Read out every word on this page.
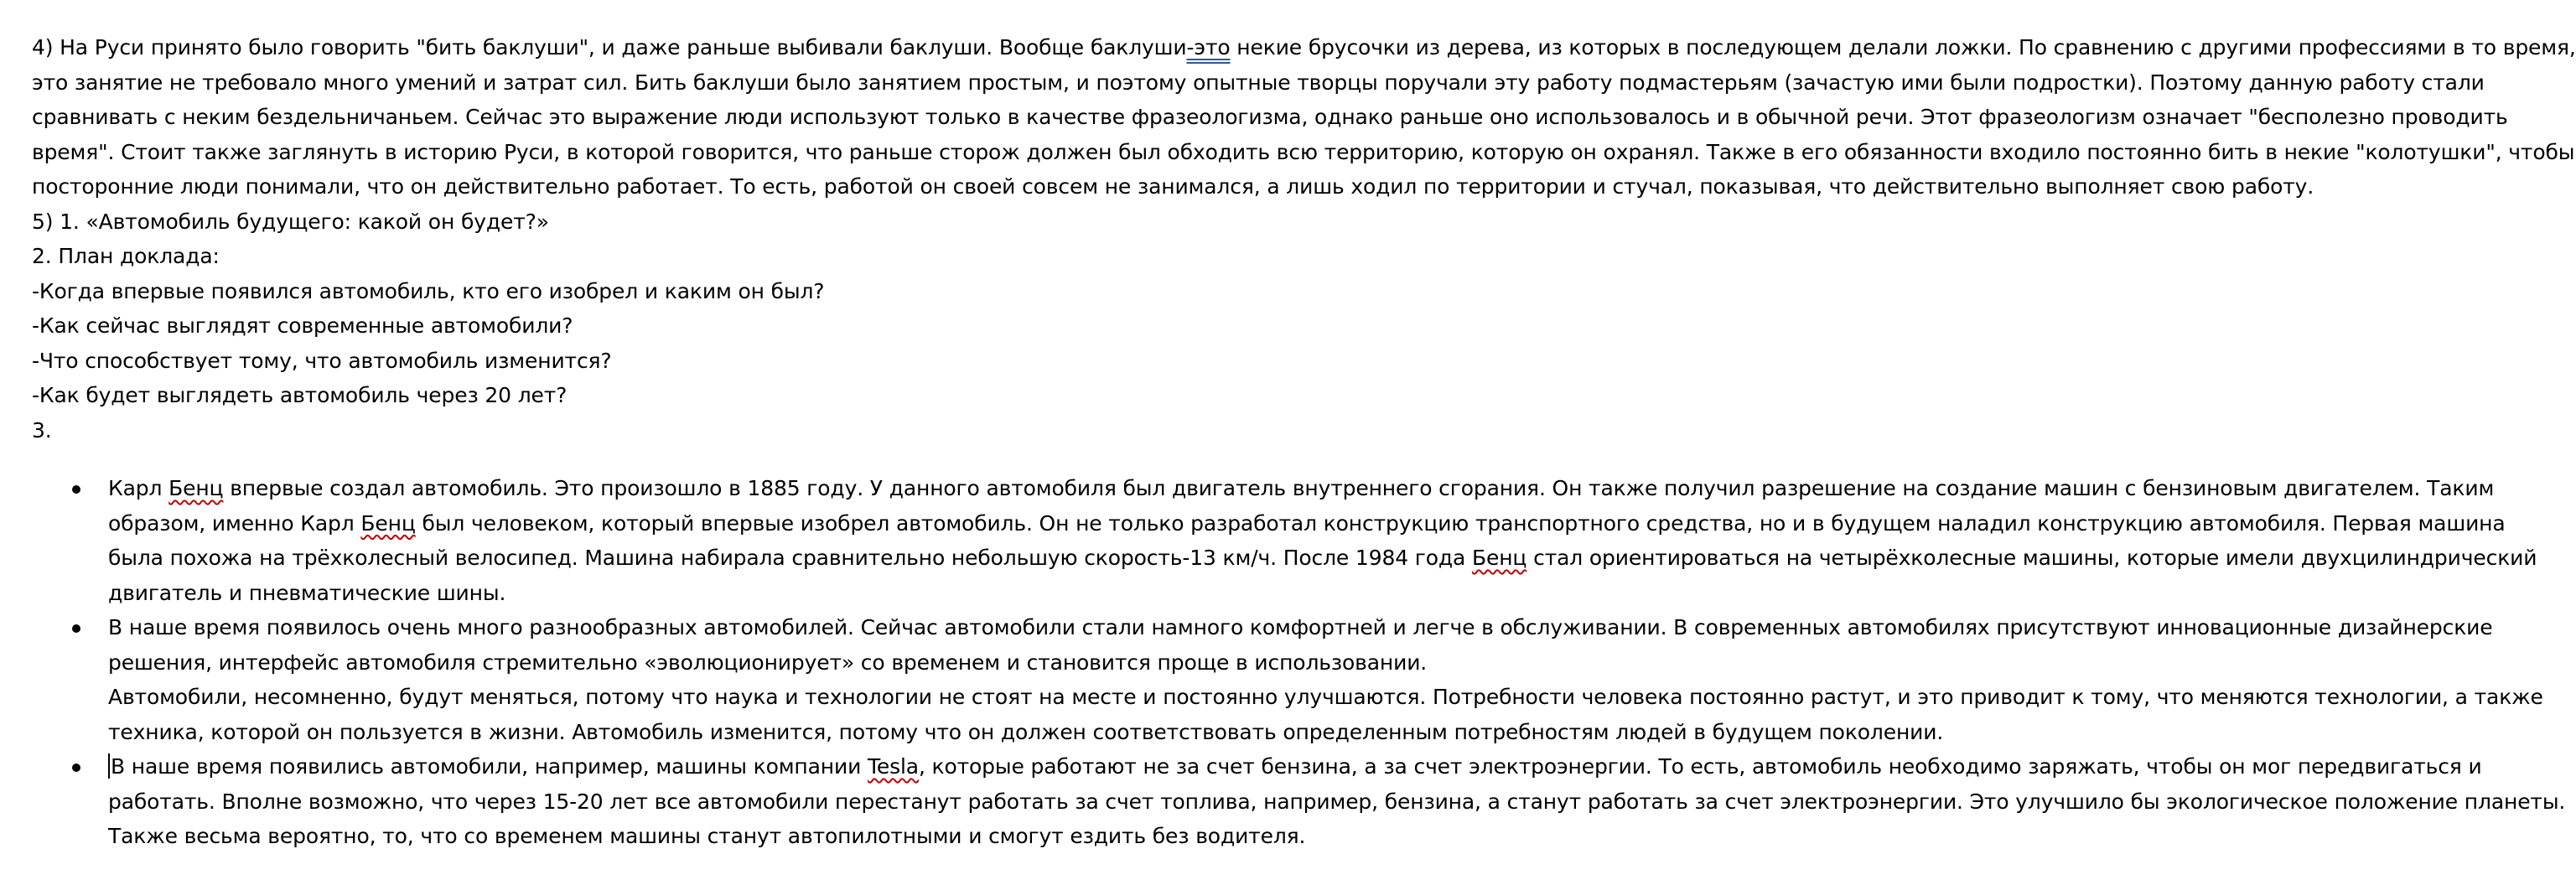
4) На Руси принято было говорить "бить баклуши", и даже раньше выбивали баклуши. Вообще баклуши-это некие брусочки из дерева, из которых в последующем делали ложки. По сравнению с другими профессиями в то время,
это занятие не требовало много умений и затрат сил. Бить баклуши было занятием простым, и поэтому опытные творцы поручали эту работу подмастерьям (зачастую ими были подростки). Поэтому данную работу стали
сравнивать с неким бездельничаньем. Сейчас это выражение люди используют только в качестве фразеологизма, однако раньше оно использовалось и в обычной речи. Этот фразеологизм означает "бесполезно проводить
время". Стоит также заглянуть в историю Руси, в которой говорится, что раньше сторож должен был обходить всю территорию, которую он охранял. Также в его обязанности входило постоянно бить в некие "колотушки", чтобы
посторонние люди понимали, что он действительно работает. То есть, работой он своей совсем не занимался, а лишь ходил по территории и стучал, показывая, что действительно выполняет свою работу.

5) 1. «Автомобиль будущего: какой он будет?»
2. План доклада:
-Когда впервые появился автомобиль, кто его изобрел и каким он был?
-Как сейчас выглядят современные автомобили?
-Что способствует тому, что автомобиль изменится?
-Как будет выглядеть автомобиль через 20 лет?
3.
Карл Бенц впервые создал автомобиль. Это произошло в 1885 году. У данного автомобиля был двигатель внутреннего сгорания. Он также получил разрешение на создание машин с бензиновым двигателем. Таким
образом, именно Карл Бенц был человеком, который впервые изобрел автомобиль. Он не только разработал конструкцию транспортного средства, но и в будущем наладил конструкцию автомобиля. Первая машина
была похожа на трёхколесный велосипед. Машина набирала сравнительно небольшую скорость-13 км/ч. После 1984 года Бенц стал ориентироваться на четырёхколесные машины, которые имели двухцилиндрический
двигатель и пневматические шины.
В наше время появилось очень много разнообразных автомобилей. Сейчас автомобили стали намного комфортней и легче в обслуживании. В современных автомобилях присутствуют инновационные дизайнерские
решения, интерфейс автомобиля стремительно «эволюционирует» со временем и становится проще в использовании.
Автомобили, несомненно, будут меняться, потому что наука и технологии не стоят на месте и постоянно улучшаются. Потребности человека постоянно растут, и это приводит к тому, что меняются технологии, а также
техника, которой он пользуется в жизни. Автомобиль изменится, потому что он должен соответствовать определенным потребностям людей в будущем поколении.
В наше время появились автомобили, например, машины компании Tesla, которые работают не за счет бензина, а за счет электроэнергии. То есть, автомобиль необходимо заряжать, чтобы он мог передвигаться и
работать. Вполне возможно, что через 15-20 лет все автомобили перестанут работать за счет топлива, например, бензина, а станут работать за счет электроэнергии. Это улучшило бы экологическое положение планеты.
Также весьма вероятно, то, что со временем машины станут автопилотными и смогут ездить без водителя.
